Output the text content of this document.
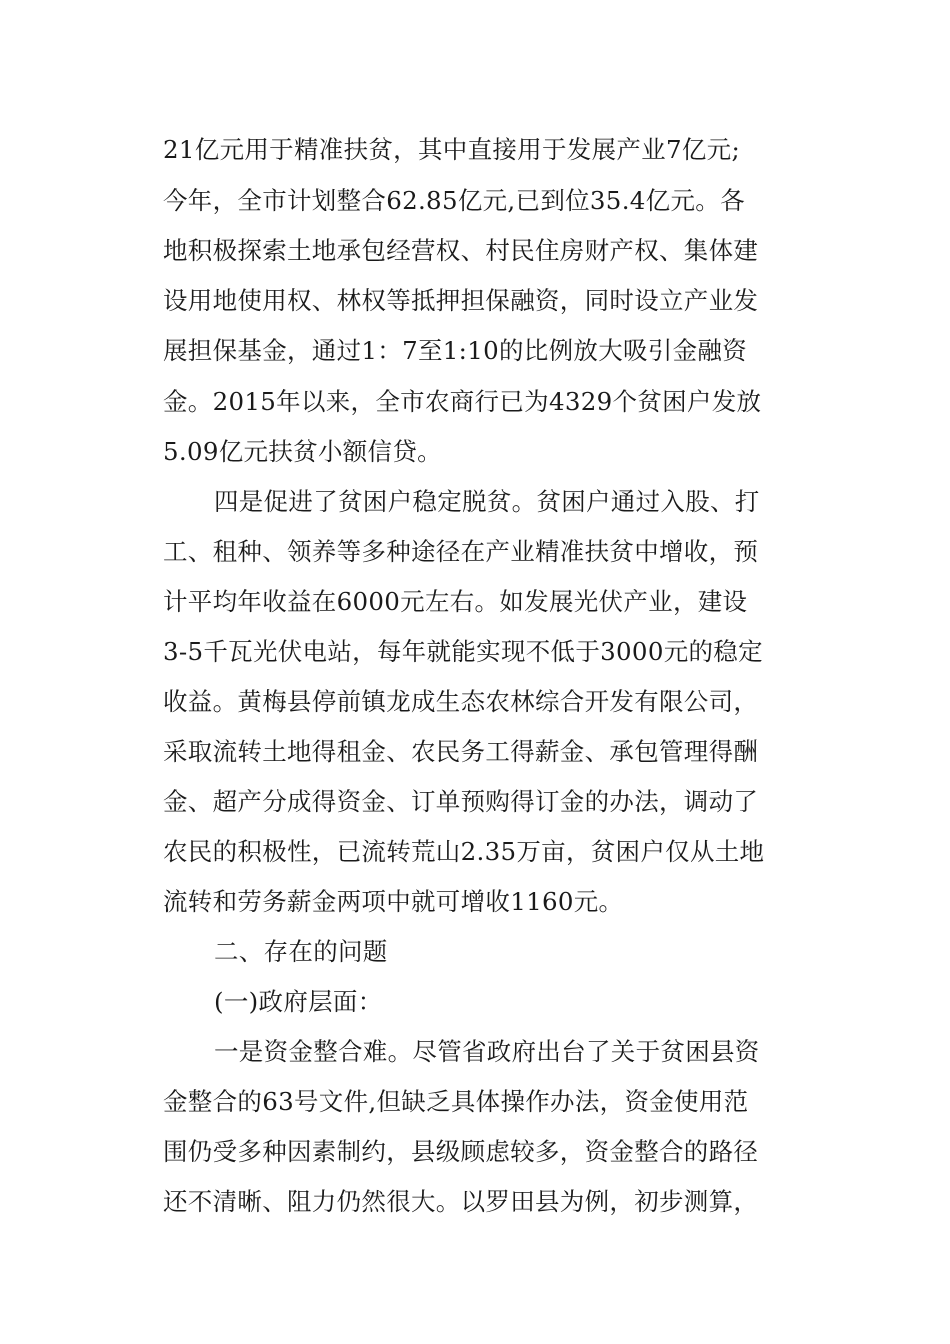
21亿元用于精准扶贫，其中直接用于发展产业7亿元;
今年，全市计划整合62.85亿元,已到位35.4亿元。各
地积极探索土地承包经营权、村民住房财产权、集体建
设用地使用权、林权等抵押担保融资，同时设立产业发
展担保基金，通过1：7至1:10的比例放大吸引金融资
金。2015年以来，全市农商行已为4329个贫困户发放
5.09亿元扶贫小额信贷。
四是促进了贫困户稳定脱贫。贫困户通过入股、打
工、租种、领养等多种途径在产业精准扶贫中增收，预
计平均年收益在6000元左右。如发展光伏产业，建设
3-5千瓦光伏电站，每年就能实现不低于3000元的稳定
收益。黄梅县停前镇龙成生态农林综合开发有限公司，
采取流转土地得租金、农民务工得薪金、承包管理得酬
金、超产分成得资金、订单预购得订金的办法，调动了
农民的积极性，已流转荒山2.35万亩，贫困户仅从土地
流转和劳务薪金两项中就可增收1160元。
二、存在的问题
(一)政府层面：
一是资金整合难。尽管省政府出台了关于贫困县资
金整合的63号文件,但缺乏具体操作办法，资金使用范
围仍受多种因素制约，县级顾虑较多，资金整合的路径
还不清晰、阻力仍然很大。以罗田县为例，初步测算，
